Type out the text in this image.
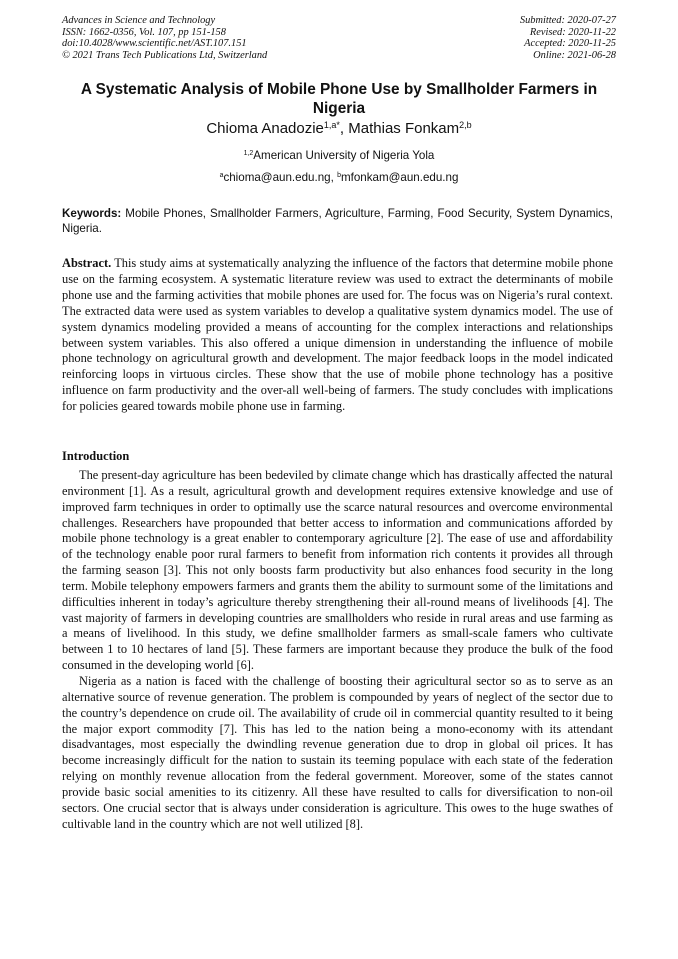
Advances in Science and Technology
ISSN: 1662-0356, Vol. 107, pp 151-158
doi:10.4028/www.scientific.net/AST.107.151
© 2021 Trans Tech Publications Ltd, Switzerland
Submitted: 2020-07-27
Revised: 2020-11-22
Accepted: 2020-11-25
Online: 2021-06-28
A Systematic Analysis of Mobile Phone Use by Smallholder Farmers in Nigeria
Chioma Anadozie$^{1,a*}$, Mathias Fonkam$^{2,b}$
$^{1,2}$American University of Nigeria Yola
$^a$chioma@aun.edu.ng, $^b$mfonkam@aun.edu.ng
Keywords: Mobile Phones, Smallholder Farmers, Agriculture, Farming, Food Security, System Dynamics, Nigeria.
Abstract. This study aims at systematically analyzing the influence of the factors that determine mobile phone use on the farming ecosystem. A systematic literature review was used to extract the determinants of mobile phone use and the farming activities that mobile phones are used for. The focus was on Nigeria’s rural context. The extracted data were used as system variables to develop a qualitative system dynamics model. The use of system dynamics modeling provided a means of accounting for the complex interactions and relationships between system variables. This also offered a unique dimension in understanding the influence of mobile phone technology on agricultural growth and development. The major feedback loops in the model indicated reinforcing loops in virtuous circles. These show that the use of mobile phone technology has a positive influence on farm productivity and the over-all well-being of farmers. The study concludes with implications for policies geared towards mobile phone use in farming.
Introduction

The present-day agriculture has been bedeviled by climate change which has drastically affected the natural environment [1]. As a result, agricultural growth and development requires extensive knowledge and use of improved farm techniques in order to optimally use the scarce natural resources and overcome environmental challenges. Researchers have propounded that better access to information and communications afforded by mobile phone technology is a great enabler to contemporary agriculture [2]. The ease of use and affordability of the technology enable poor rural farmers to benefit from information rich contents it provides all through the farming season [3]. This not only boosts farm productivity but also enhances food security in the long term. Mobile telephony empowers farmers and grants them the ability to surmount some of the limitations and difficulties inherent in today’s agriculture thereby strengthening their all-round means of livelihoods [4]. The vast majority of farmers in developing countries are smallholders who reside in rural areas and use farming as a means of livelihood. In this study, we define smallholder farmers as small-scale famers who cultivate between 1 to 10 hectares of land [5]. These farmers are important because they produce the bulk of the food consumed in the developing world [6].

Nigeria as a nation is faced with the challenge of boosting their agricultural sector so as to serve as an alternative source of revenue generation. The problem is compounded by years of neglect of the sector due to the country’s dependence on crude oil. The availability of crude oil in commercial quantity resulted to it being the major export commodity [7]. This has led to the nation being a mono-economy with its attendant disadvantages, most especially the dwindling revenue generation due to drop in global oil prices. It has become increasingly difficult for the nation to sustain its teeming populace with each state of the federation relying on monthly revenue allocation from the federal government. Moreover, some of the states cannot provide basic social amenities to its citizenry. All these have resulted to calls for diversification to non-oil sectors. One crucial sector that is always under consideration is agriculture. This owes to the huge swathes of cultivable land in the country which are not well utilized [8].
